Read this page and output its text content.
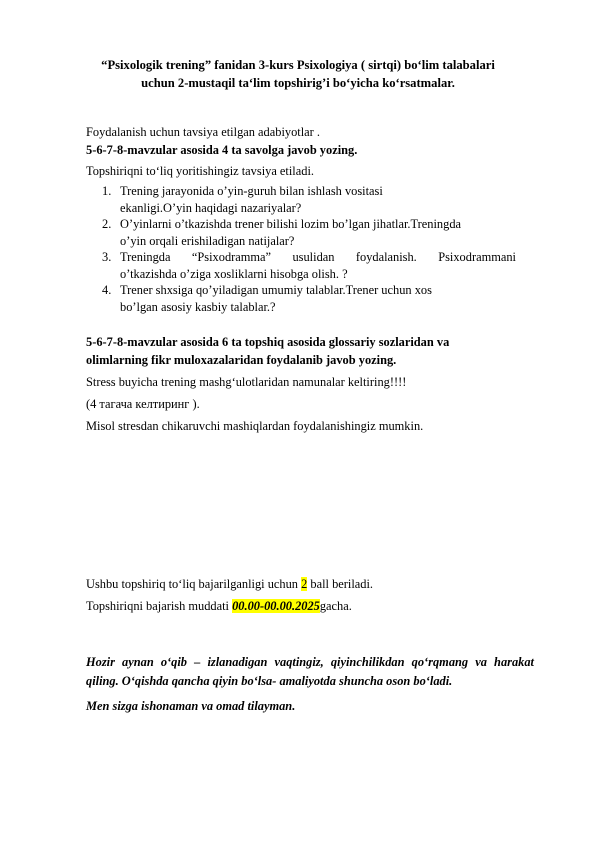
“Psixologik trening” fanidan 3-kurs Psixologiya ( sirtqi) bo‘lim talabalari
uchun 2-mustaqil ta‘lim topshirig’i bo‘yicha ko‘rsatmalar.
Foydalanish uchun tavsiya etilgan adabiyotlar .
5-6-7-8-mavzular asosida 4 ta savolga javob yozing.
Topshiriqni to‘liq yoritishingiz tavsiya etiladi.
1. Trening jarayonida o’yin-guruh bilan ishlash vositasi
ekanligi.O’yin haqidagi nazariyalar?
2. O’yinlarni o’tkazishda trener bilishi lozim bo’lgan jihatlar.Treningda
o’yin orqali erishiladigan natijalar?
3. Treningda “Psixodramma” usulidan foydalanish. Psixodrammani
o’tkazishda o’ziga xosliklarni hisobga olish. ?
4. Trener shxsiga qo’yiladigan umumiy talablar.Trener uchun xos
bo’lgan asosiy kasbiy talablar.?
5-6-7-8-mavzular asosida 6 ta topshiq asosida glossariy sozlaridan va
olimlarning fikr muloxazalaridan foydalanib javob yozing.
Stress buyicha trening mashg‘ulotlaridan namunalar keltiring!!!!
(4 тагача келтиринг ).
Misol stresdan chikaruvchi mashiqlardan foydalanishingiz mumkin.
Ushbu topshiriq to‘liq bajarilganligi uchun 2 ball beriladi.
Topshiriqni bajarish muddati 00.00-00.00.2025gacha.
Hozir aynan o‘qib – izlanadigan vaqtingiz, qiyinchilikdan qo‘rqmang va harakat
qiling. O‘qishda qancha qiyin bo‘lsa- amaliyotda shuncha oson bo‘ladi.
Men sizga ishonaman va omad tilayman.
